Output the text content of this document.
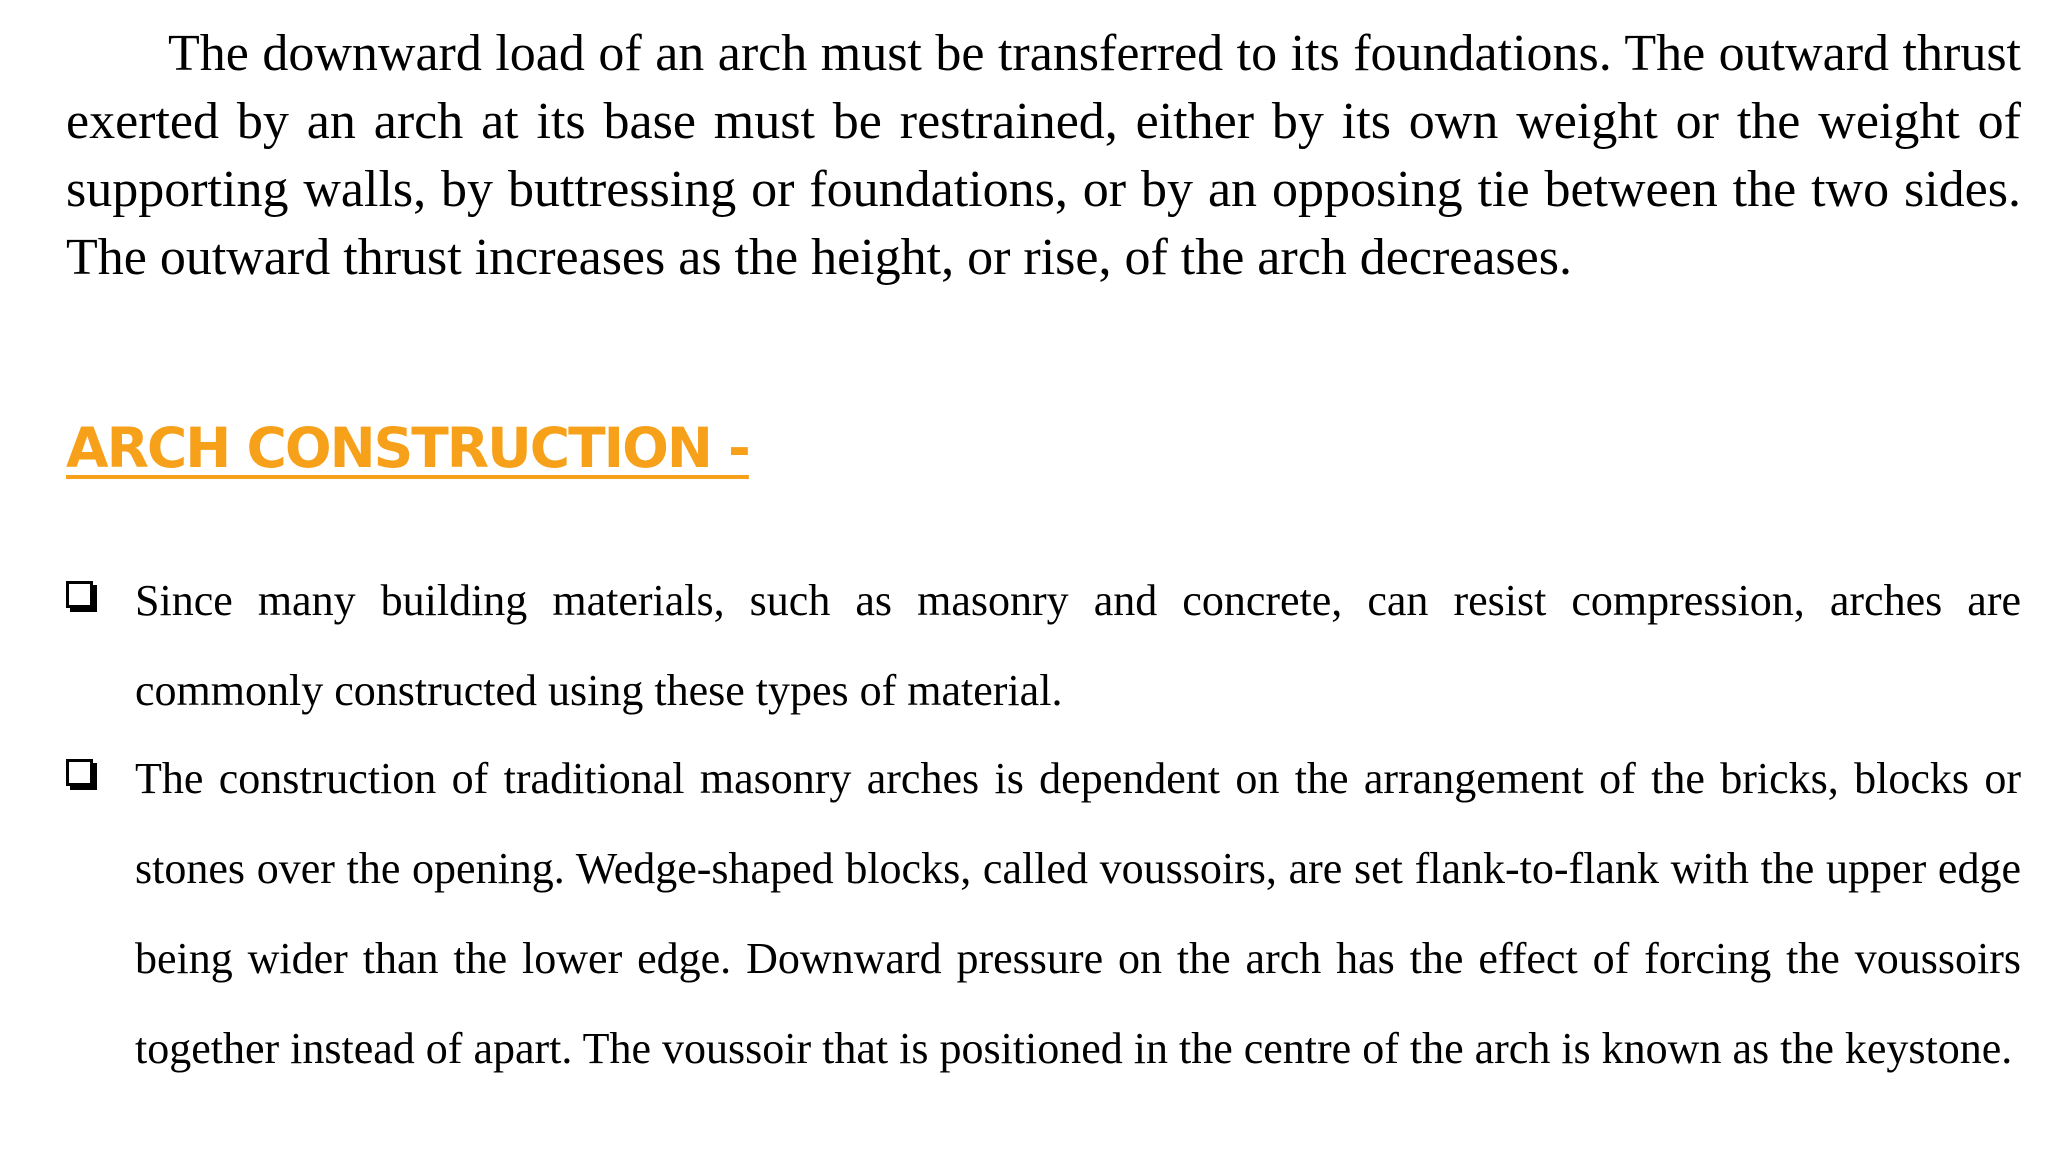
The downward load of an arch must be transferred to its foundations. The outward thrust exerted by an arch at its base must be restrained, either by its own weight or the weight of supporting walls, by buttressing or foundations, or by an opposing tie between the two sides. The outward thrust increases as the height, or rise, of the arch decreases.

ARCH CONSTRUCTION -
Since many building materials, such as masonry and concrete, can resist compression, arches are commonly constructed using these types of material.
The construction of traditional masonry arches is dependent on the arrangement of the bricks, blocks or stones over the opening. Wedge-shaped blocks, called voussoirs, are set flank-to-flank with the upper edge being wider than the lower edge. Downward pressure on the arch has the effect of forcing the voussoirs together instead of apart. The voussoir that is positioned in the centre of the arch is known as the keystone.
